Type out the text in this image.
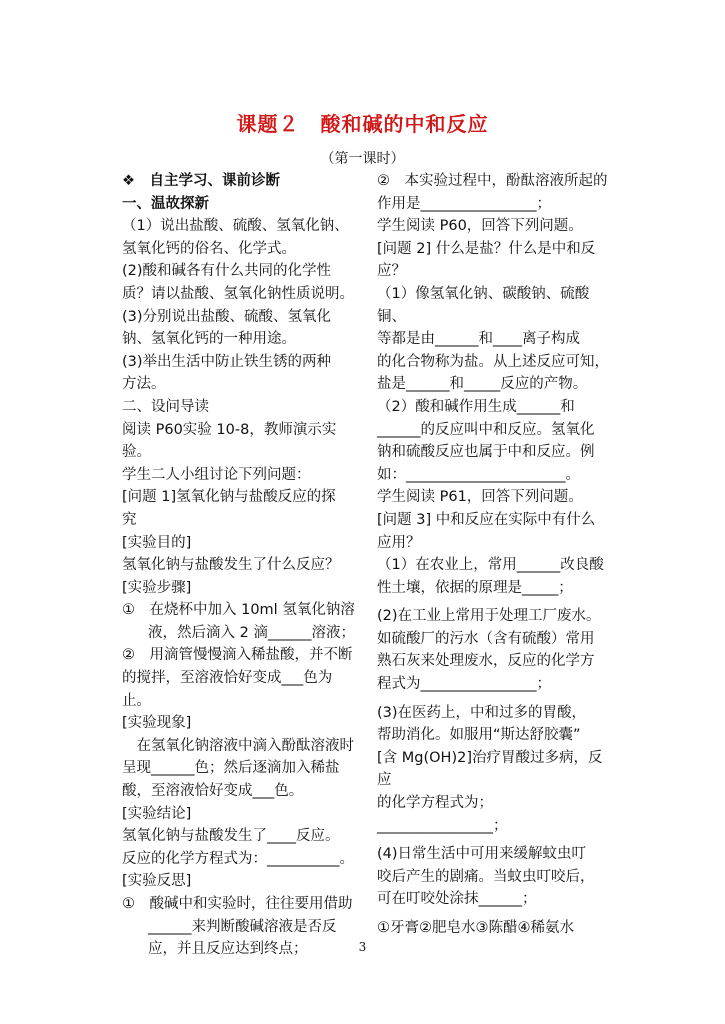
课题２　酸和碱的中和反应
（第一课时）

❖　自主学习、课前诊断

一、温故探新

（1）说出盐酸、硫酸、氢氧化钠、

氢氧化钙的俗名、化学式。

(2)酸和碱各有什么共同的化学性

质？请以盐酸、氢氧化钠性质说明。

(3)分别说出盐酸、硫酸、氢氧化

钠、氢氧化钙的一种用途。

(3)举出生活中防止铁生锈的两种

方法。

二、设问导读

阅读 P60实验 10-8，教师演示实验。

学生二人小组讨论下列问题：

[问题 1]氢氧化钠与盐酸反应的探

究

[实验目的]

氢氧化钠与盐酸发生了什么反应？

[实验步骤]

①　在烧杯中加入 10ml 氢氧化钠溶

液，然后滴入 2 滴______溶液；

②　用滴管慢慢滴入稀盐酸，并不断

的搅拌，至溶液恰好变成___色为止。

[实验现象]

　在氢氧化钠溶液中滴入酚酞溶液时

呈现______色；然后逐滴加入稀盐

酸，至溶液恰好变成___色。

[实验结论]

氢氧化钠与盐酸发生了____反应。

反应的化学方程式为：__________。

[实验反思]

①　酸碱中和实验时，往往要用借助

______来判断酸碱溶液是否反

应，并且反应达到终点；

②　本实验过程中，酚酞溶液所起的

作用是________________；

学生阅读 P60，回答下列问题。

[问题 2] 什么是盐？什么是中和反

应？

（1）像氢氧化钠、碳酸钠、硫酸铜、

等都是由______和____离子构成

的化合物称为盐。从上述反应可知，

盐是______和_____反应的产物。

（2）酸和碱作用生成______和

______的反应叫中和反应。氢氧化

钠和硫酸反应也属于中和反应。例

如：______________________。

学生阅读 P61，回答下列问题。

[问题 3] 中和反应在实际中有什么

应用？

（1）在农业上，常用______改良酸

性土壤，依据的原理是_____；

(2)在工业上常用于处理工厂废水。

如硫酸厂的污水（含有硫酸）常用

熟石灰来处理废水，反应的化学方

程式为________________；

(3)在医药上，中和过多的胃酸，

帮助消化。如服用“斯达舒胶囊”

[含 Mg(OH)2]治疗胃酸过多病，反应

的化学方程式为；

________________；

(4)日常生活中可用来缓解蚊虫叮

咬后产生的剧痛。当蚊虫叮咬后，

可在叮咬处涂抹______；

①牙膏②肥皂水③陈醋④稀氨水

3
